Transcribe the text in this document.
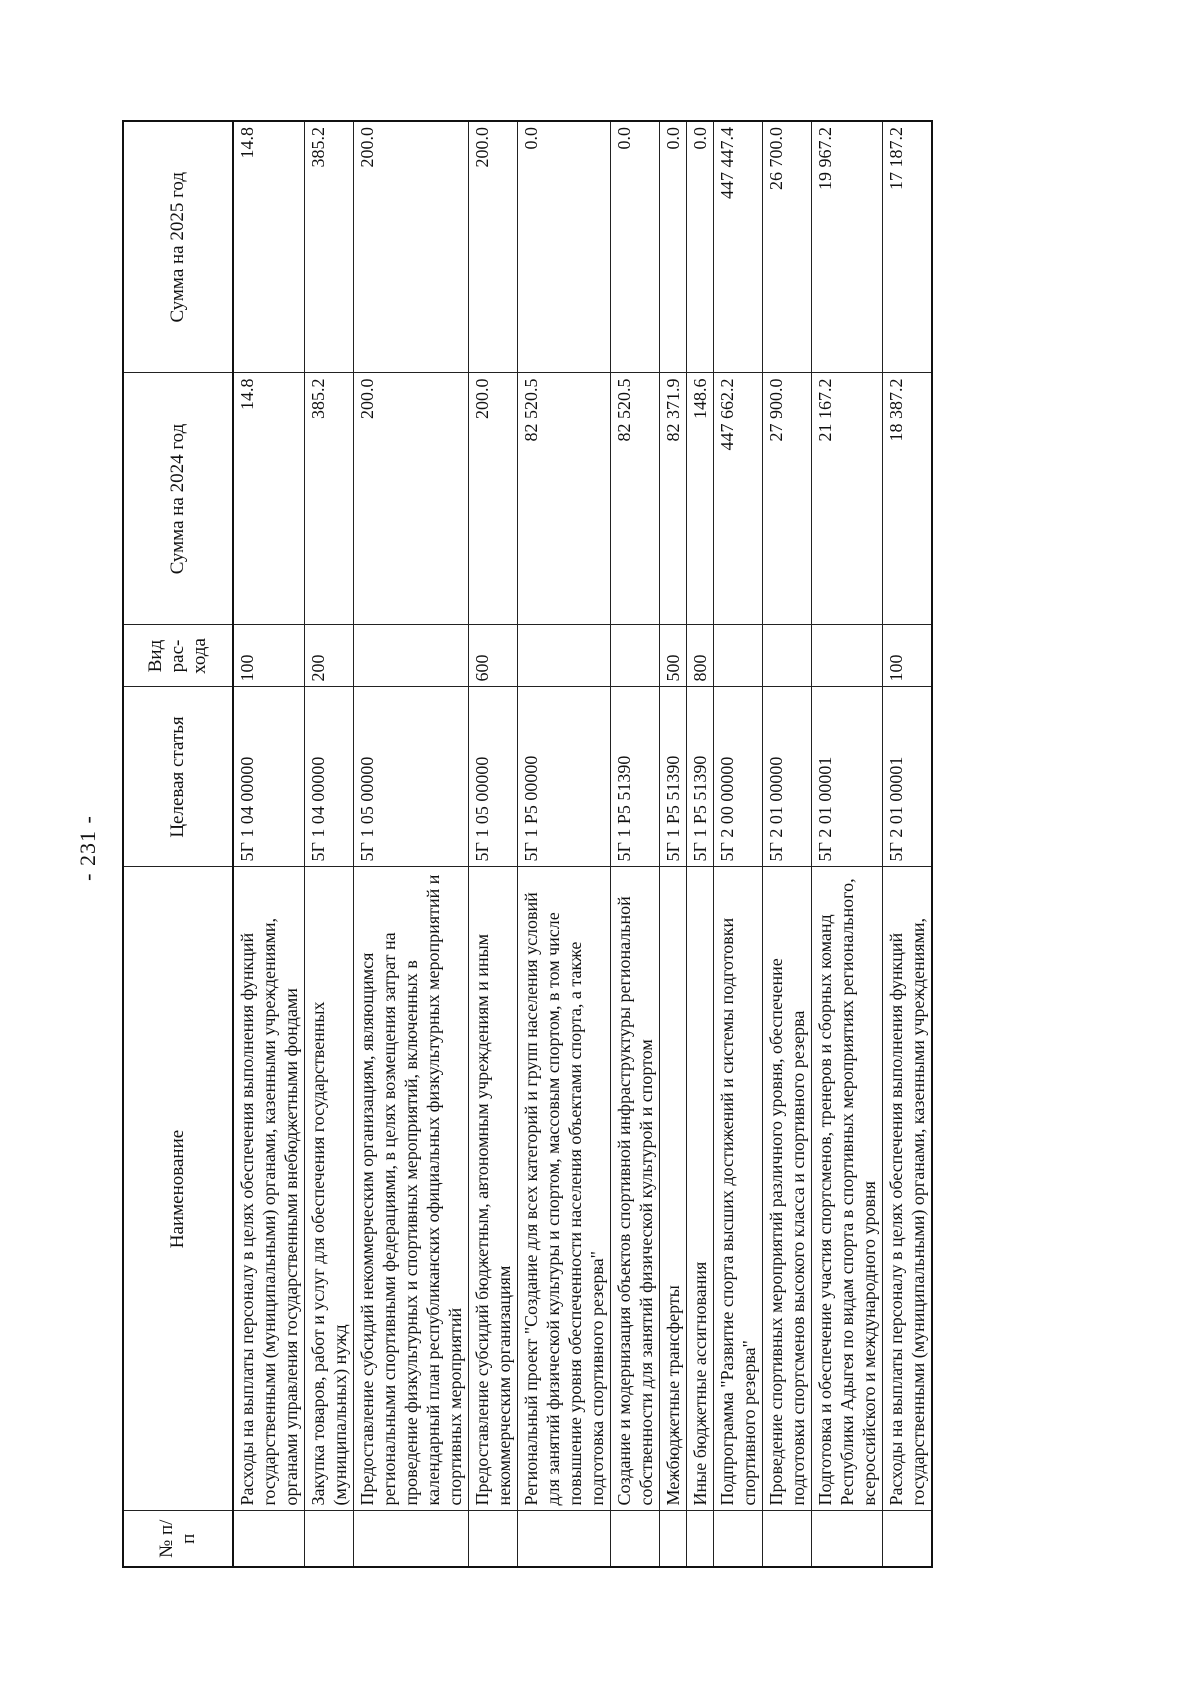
- 231 -
№ п/п	Наименование	Целевая статья	Вид рас- хода	Сумма на 2024 год	Сумма на 2025 год
	Расходы на выплаты персоналу в целях обеспечения выполнения функций государственными (муниципальными) органами, казенными учреждениями, органами управления государственными внебюджетными фондами	5Г 1 04 00000	100	14.8	14.8
	Закупка товаров, работ и услуг для обеспечения государственных (муниципальных) нужд	5Г 1 04 00000	200	385.2	385.2
	Предоставление субсидий некоммерческим организациям, являющимся региональными спортивными федерациями, в целях возмещения затрат на проведение физкультурных и спортивных мероприятий, включенных в календарный план республиканских официальных физкультурных мероприятий и спортивных мероприятий	5Г 1 05 00000		200.0	200.0
	Предоставление субсидий бюджетным, автономным учреждениям и иным некоммерческим организациям	5Г 1 05 00000	600	200.0	200.0
	Региональный проект "Создание для всех категорий и групп населения условий для занятий физической культуры и спортом, массовым спортом, в том числе повышение уровня обеспеченности населения объектами спорта, а также подготовка спортивного резерва"	5Г 1 Р5 00000		82 520.5	0.0
	Создание и модернизация объектов спортивной инфраструктуры региональной собственности для занятий физической культурой и спортом	5Г 1 Р5 51390		82 520.5	0.0
	Межбюджетные трансферты	5Г 1 Р5 51390	500	82 371.9	0.0
	Иные бюджетные ассигнования	5Г 1 Р5 51390	800	148.6	0.0
	Подпрограмма "Развитие спорта высших достижений и системы подготовки спортивного резерва"	5Г 2 00 00000		447 662.2	447 447.4
	Проведение спортивных мероприятий различного уровня, обеспечение подготовки спортсменов высокого класса и спортивного резерва	5Г 2 01 00000		27 900.0	26 700.0
	Подготовка и обеспечение участия спортсменов, тренеров и сборных команд Республики Адыгея по видам спорта в спортивных мероприятиях регионального, всероссийского и международного уровня	5Г 2 01 00001		21 167.2	19 967.2
	Расходы на выплаты персоналу в целях обеспечения выполнения функций государственными (муниципальными) органами, казенными учреждениями,	5Г 2 01 00001	100	18 387.2	17 187.2
